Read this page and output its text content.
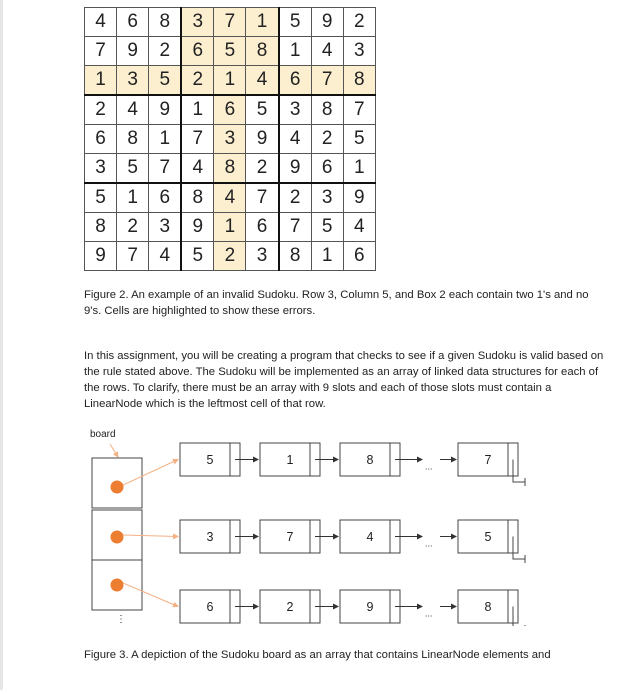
4	6	8	3	7	1	5	9	2
7	9	2	6	5	8	1	4	3
1	3	5	2	1	4	6	7	8
2	4	9	1	6	5	3	8	7
6	8	1	7	3	9	4	2	5
3	5	7	4	8	2	9	6	1
5	1	6	8	4	7	2	3	9
8	2	3	9	1	6	7	5	4
9	7	4	5	2	3	8	1	6
Figure 2. An example of an invalid Sudoku. Row 3, Column 5, and Box 2 each contain two 1's and no 9's. Cells are highlighted to show these errors.
In this assignment, you will be creating a program that checks to see if a given Sudoku is valid based on the rule stated above. The Sudoku will be implemented as an array of linked data structures for each of the rows. To clarify, there must be an array with 9 slots and each of those slots must contain a LinearNode which is the leftmost cell of that row.
board
...
...
...
5	1	8	7
3	7	4	5
6	2	9	8
⋮
Figure 3. A depiction of the Sudoku board as an array that contains LinearNode elements and
